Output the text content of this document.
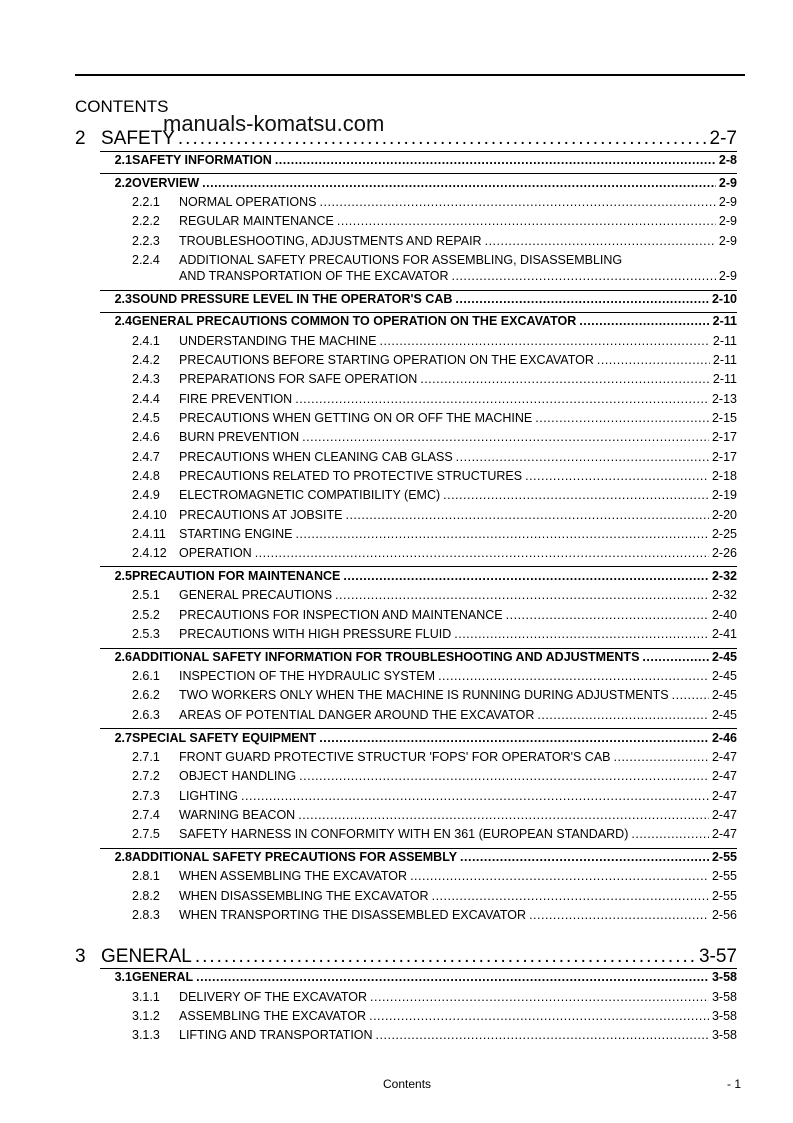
CONTENTS
manuals-komatsu.com
2 SAFETY .....	2-7
2.1 SAFETY INFORMATION .....	2-8
2.2 OVERVIEW .....	2-9
2.2.1	NORMAL OPERATIONS .....	2-9
2.2.2	REGULAR MAINTENANCE .....	2-9
2.2.3	TROUBLESHOOTING, ADJUSTMENTS AND REPAIR .....	2-9
2.2.4	ADDITIONAL SAFETY PRECAUTIONS FOR ASSEMBLING, DISASSEMBLING
AND TRANSPORTATION OF THE EXCAVATOR .....	2-9
2.3 SOUND PRESSURE LEVEL IN THE OPERATOR'S CAB .....	2-10
2.4 GENERAL PRECAUTIONS COMMON TO OPERATION ON THE EXCAVATOR .....	2-11
2.4.1	UNDERSTANDING THE MACHINE .....	2-11
2.4.2	PRECAUTIONS BEFORE STARTING OPERATION ON THE EXCAVATOR .....	2-11
2.4.3	PREPARATIONS FOR SAFE OPERATION .....	2-11
2.4.4	FIRE PREVENTION .....	2-13
2.4.5	PRECAUTIONS WHEN GETTING ON OR OFF THE MACHINE .....	2-15
2.4.6	BURN PREVENTION .....	2-17
2.4.7	PRECAUTIONS WHEN CLEANING CAB GLASS .....	2-17
2.4.8	PRECAUTIONS RELATED TO PROTECTIVE STRUCTURES .....	2-18
2.4.9	ELECTROMAGNETIC COMPATIBILITY (EMC) .....	2-19
2.4.10 PRECAUTIONS AT JOBSITE .....	2-20
2.4.11	STARTING ENGINE .....	2-25
2.4.12 OPERATION .....	2-26
2.5 PRECAUTION FOR MAINTENANCE .....	2-32
2.5.1	GENERAL PRECAUTIONS .....	2-32
2.5.2	PRECAUTIONS FOR INSPECTION AND MAINTENANCE .....	2-40
2.5.3	PRECAUTIONS WITH HIGH PRESSURE FLUID .....	2-41
2.6 ADDITIONAL SAFETY INFORMATION FOR TROUBLESHOOTING AND ADJUSTMENTS .....	2-45
2.6.1	INSPECTION OF THE HYDRAULIC SYSTEM .....	2-45
2.6.2	TWO WORKERS ONLY WHEN THE MACHINE IS RUNNING DURING ADJUSTMENTS .....	2-45
2.6.3	AREAS OF POTENTIAL DANGER AROUND THE EXCAVATOR .....	2-45
2.7 SPECIAL SAFETY EQUIPMENT .....	2-46
2.7.1	FRONT GUARD PROTECTIVE STRUCTUR 'FOPS' FOR OPERATOR'S CAB .....	2-47
2.7.2	OBJECT HANDLING .....	2-47
2.7.3	LIGHTING .....	2-47
2.7.4	WARNING BEACON .....	2-47
2.7.5	SAFETY HARNESS IN CONFORMITY WITH EN 361 (EUROPEAN STANDARD) .....	2-47
2.8 ADDITIONAL SAFETY PRECAUTIONS FOR ASSEMBLY .....	2-55
2.8.1	WHEN ASSEMBLING THE EXCAVATOR .....	2-55
2.8.2	WHEN DISASSEMBLING THE EXCAVATOR .....	2-55
2.8.3	WHEN TRANSPORTING THE DISASSEMBLED EXCAVATOR .....	2-56
3 GENERAL .....	3-57
3.1 GENERAL .....	3-58
3.1.1	DELIVERY OF THE EXCAVATOR .....	3-58
3.1.2	ASSEMBLING THE EXCAVATOR .....	3-58
3.1.3	LIFTING AND TRANSPORTATION .....	3-58
Contents	- 1
